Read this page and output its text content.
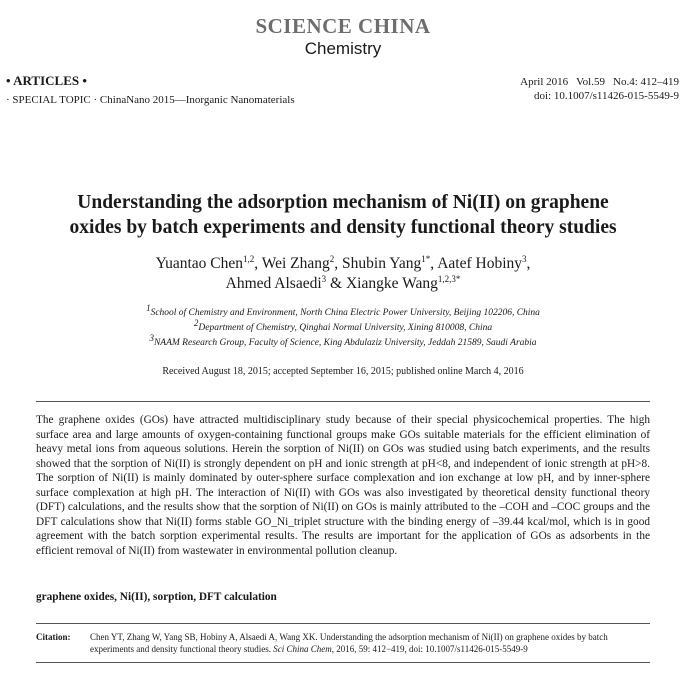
SCIENCE CHINA
Chemistry
• ARTICLES •
· SPECIAL TOPIC · ChinaNano 2015—Inorganic Nanomaterials
April 2016 Vol.59 No.4: 412–419
doi: 10.1007/s11426-015-5549-9
Understanding the adsorption mechanism of Ni(II) on graphene
oxides by batch experiments and density functional theory studies
Yuantao Chen$^{1,2}$, Wei Zhang$^2$, Shubin Yang$^{1*}$, Aatef Hobiny$^3$,
Ahmed Alsaedi$^3$ & Xiangke Wang$^{1,2,3*}$
$^1$School of Chemistry and Environment, North China Electric Power University, Beijing 102206, China
$^2$Department of Chemistry, Qinghai Normal University, Xining 810008, China
$^3$NAAM Research Group, Faculty of Science, King Abdulaziz University, Jeddah 21589, Saudi Arabia
Received August 18, 2015; accepted September 16, 2015; published online March 4, 2016
The graphene oxides (GOs) have attracted multidisciplinary study because of their special physicochemical properties. The high surface area and large amounts of oxygen-containing functional groups make GOs suitable materials for the efficient elimination of heavy metal ions from aqueous solutions. Herein the sorption of Ni(II) on GOs was studied using batch experiments, and the results showed that the sorption of Ni(II) is strongly dependent on pH and ionic strength at pH<8, and independent of ionic strength at pH>8. The sorption of Ni(II) is mainly dominated by outer-sphere surface complexation and ion exchange at low pH, and by inner-sphere surface complexation at high pH. The interaction of Ni(II) with GOs was also investigated by theoretical density functional theory (DFT) calculations, and the results show that the sorption of Ni(II) on GOs is mainly attributed to the –COH and –COC groups and the DFT calculations show that Ni(II) forms stable GO_Ni_triplet structure with the binding energy of –39.44 kcal/mol, which is in good agreement with the batch sorption experimental results. The results are important for the application of GOs as adsorbents in the efficient removal of Ni(II) from wastewater in environmental pollution cleanup.
graphene oxides, Ni(II), sorption, DFT calculation
Citation: Chen YT, Zhang W, Yang SB, Hobiny A, Alsaedi A, Wang XK. Understanding the adsorption mechanism of Ni(II) on graphene oxides by batch experiments and density functional theory studies. Sci China Chem, 2016, 59: 412−419, doi: 10.1007/s11426-015-5549-9
